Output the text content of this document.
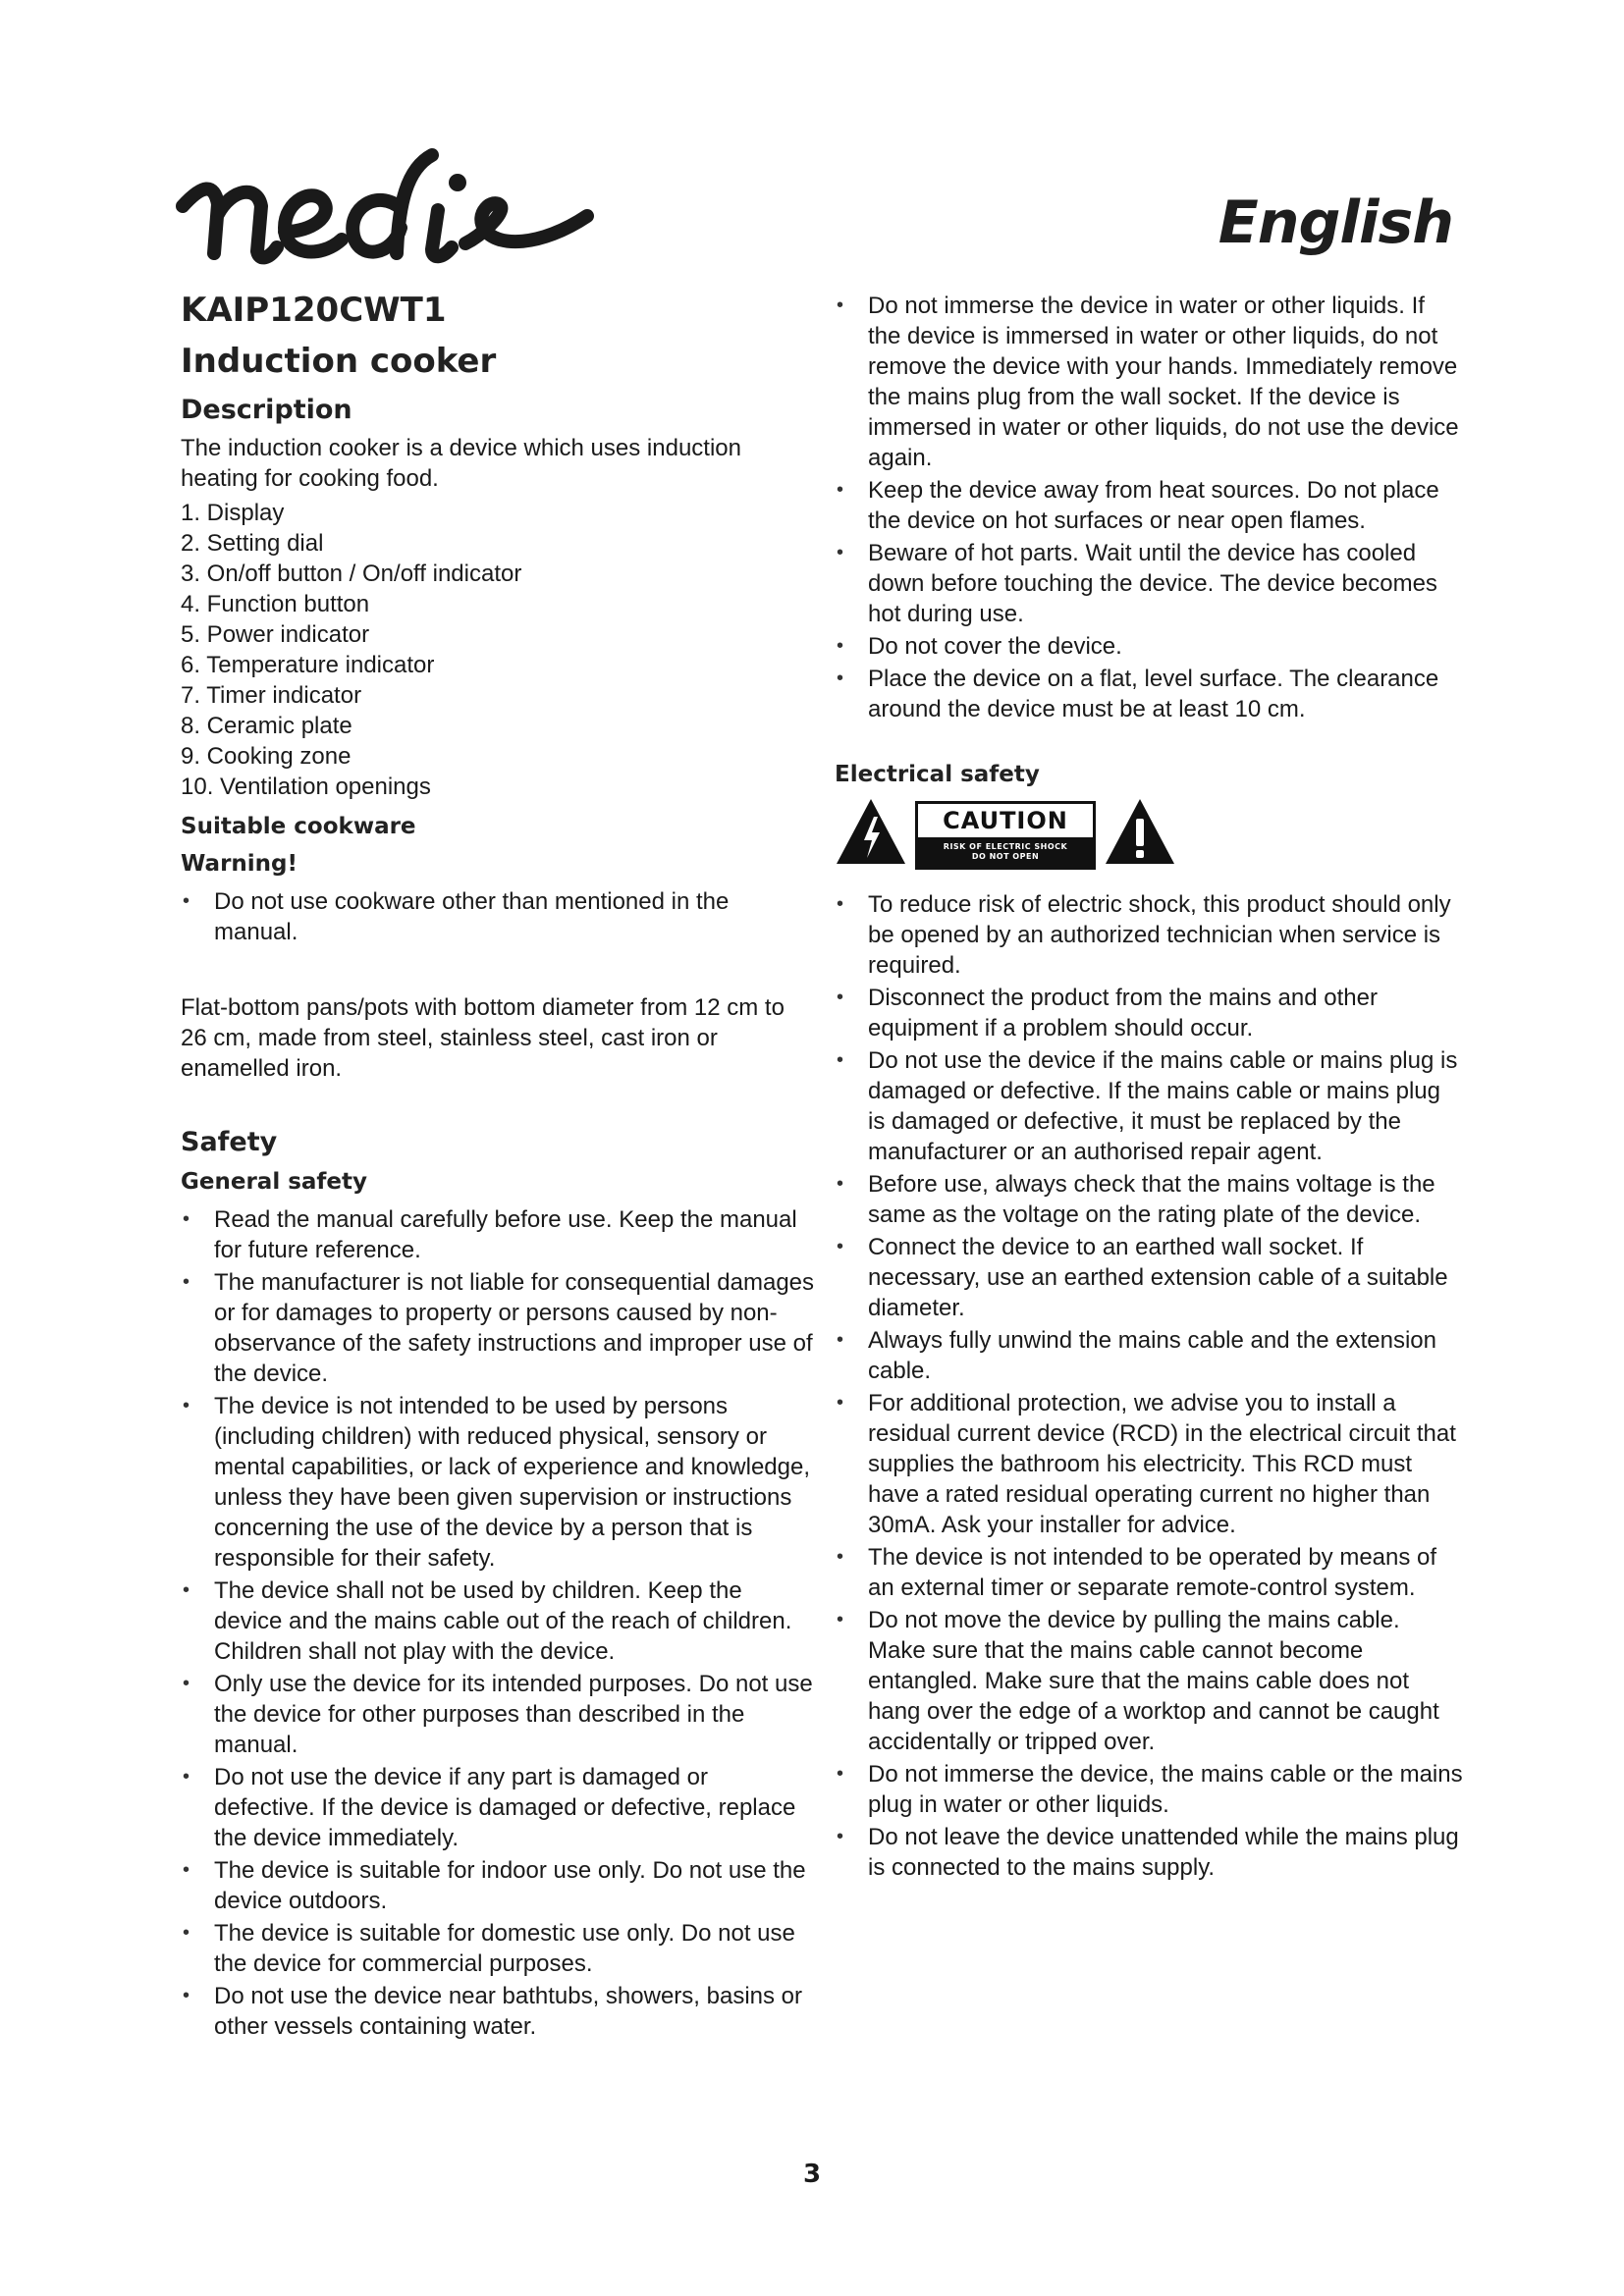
English
KAIP120CWT1
Induction cooker
Description

The induction cooker is a device which uses induction heating for cooking food.

1. Display
2. Setting dial
3. On/off button / On/off indicator
4. Function button
5. Power indicator
6. Temperature indicator
7. Timer indicator
8. Ceramic plate
9. Cooking zone
10. Ventilation openings
Suitable cookware
Warning!
• Do not use cookware other than mentioned in the manual.

Flat-bottom pans/pots with bottom diameter from 12 cm to 26 cm, made from steel, stainless steel, cast iron or enamelled iron.

Safety
General safety
• Read the manual carefully before use. Keep the manual for future reference.
• The manufacturer is not liable for consequential damages or for damages to property or persons caused by non-observance of the safety instructions and improper use of the device.
• The device is not intended to be used by persons (including children) with reduced physical, sensory or mental capabilities, or lack of experience and knowledge, unless they have been given supervision or instructions concerning the use of the device by a person that is responsible for their safety.
• The device shall not be used by children. Keep the device and the mains cable out of the reach of children. Children shall not play with the device.
• Only use the device for its intended purposes. Do not use the device for other purposes than described in the manual.
• Do not use the device if any part is damaged or defective. If the device is damaged or defective, replace the device immediately.
• The device is suitable for indoor use only. Do not use the device outdoors.
• The device is suitable for domestic use only. Do not use the device for commercial purposes.
• Do not use the device near bathtubs, showers, basins or other vessels containing water.
• Do not immerse the device in water or other liquids. If the device is immersed in water or other liquids, do not remove the device with your hands. Immediately remove the mains plug from the wall socket. If the device is immersed in water or other liquids, do not use the device again.
• Keep the device away from heat sources. Do not place the device on hot surfaces or near open flames.
• Beware of hot parts. Wait until the device has cooled down before touching the device. The device becomes hot during use.
• Do not cover the device.
• Place the device on a flat, level surface. The clearance around the device must be at least 10 cm.
Electrical safety
CAUTION
RISK OF ELECTRIC SHOCK
DO NOT OPEN
• To reduce risk of electric shock, this product should only be opened by an authorized technician when service is required.
• Disconnect the product from the mains and other equipment if a problem should occur.
• Do not use the device if the mains cable or mains plug is damaged or defective. If the mains cable or mains plug is damaged or defective, it must be replaced by the manufacturer or an authorised repair agent.
• Before use, always check that the mains voltage is the same as the voltage on the rating plate of the device.
• Connect the device to an earthed wall socket. If necessary, use an earthed extension cable of a suitable diameter.
• Always fully unwind the mains cable and the extension cable.
• For additional protection, we advise you to install a residual current device (RCD) in the electrical circuit that supplies the bathroom his electricity. This RCD must have a rated residual operating current no higher than 30mA. Ask your installer for advice.
• The device is not intended to be operated by means of an external timer or separate remote-control system.
• Do not move the device by pulling the mains cable. Make sure that the mains cable cannot become entangled. Make sure that the mains cable does not hang over the edge of a worktop and cannot be caught accidentally or tripped over.
• Do not immerse the device, the mains cable or the mains plug in water or other liquids.
• Do not leave the device unattended while the mains plug is connected to the mains supply.
3
